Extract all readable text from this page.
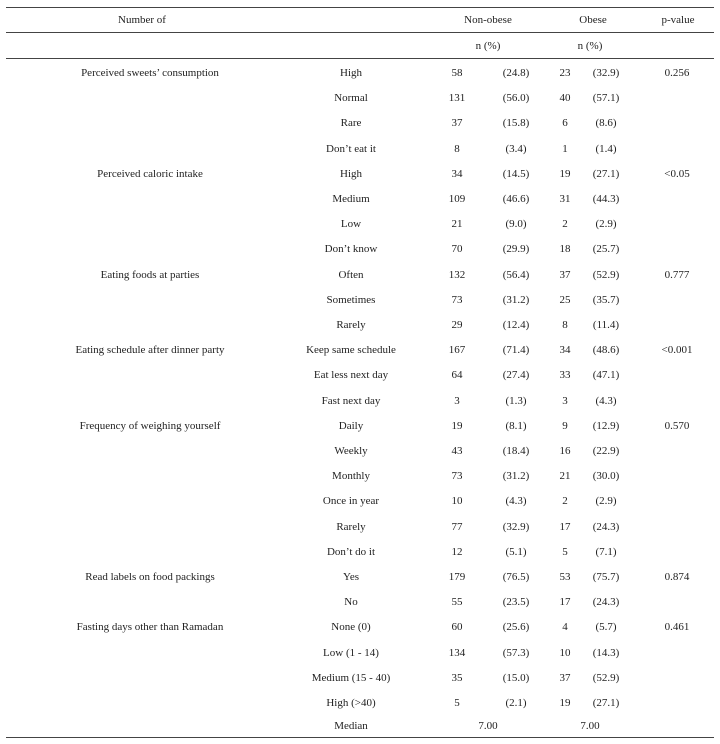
Number of	Non-obese	Obese	p-value
n (%)	n (%)
Perceived sweets’ consumption	High	58	(24.8)	23 (32.9)	0.256
Normal	131	(56.0)	40 (57.1)
Rare	37	(15.8)	6	(8.6)
Don’t eat it	8	(3.4)	1	(1.4)
Perceived caloric intake	High	34	(14.5)	19 (27.1)	<0.05
Medium	109	(46.6)	31 (44.3)
Low	21	(9.0)	2	(2.9)
Don’t know	70	(29.9)	18 (25.7)
Eating foods at parties	Often	132	(56.4)	37 (52.9)	0.777
Sometimes	73	(31.2)	25 (35.7)
Rarely	29	(12.4)	8 (11.4)
Eating schedule after dinner party	Keep same schedule	167	(71.4)	34 (48.6)	<0.001
Eat less next day	64	(27.4)	33 (47.1)
Fast next day	3	(1.3)	3	(4.3)
Frequency of weighing yourself	Daily	19	(8.1)	9 (12.9)	0.570
Weekly	43	(18.4)	16 (22.9)
Monthly	73	(31.2)	21 (30.0)
Once in year	10	(4.3)	2	(2.9)
Rarely	77	(32.9)	17 (24.3)
Don’t do it	12	(5.1)	5	(7.1)
Read labels on food packings	Yes	179	(76.5)	53 (75.7)	0.874
No	55	(23.5)	17 (24.3)
Fasting days other than Ramadan	None (0)	60	(25.6)	4	(5.7)	0.461
Low (1 - 14)	134	(57.3)	10 (14.3)
Medium (15 - 40)	35	(15.0)	37 (52.9)
High (>40)	5	(2.1)	19 (27.1)
Median	7.00	7.00
